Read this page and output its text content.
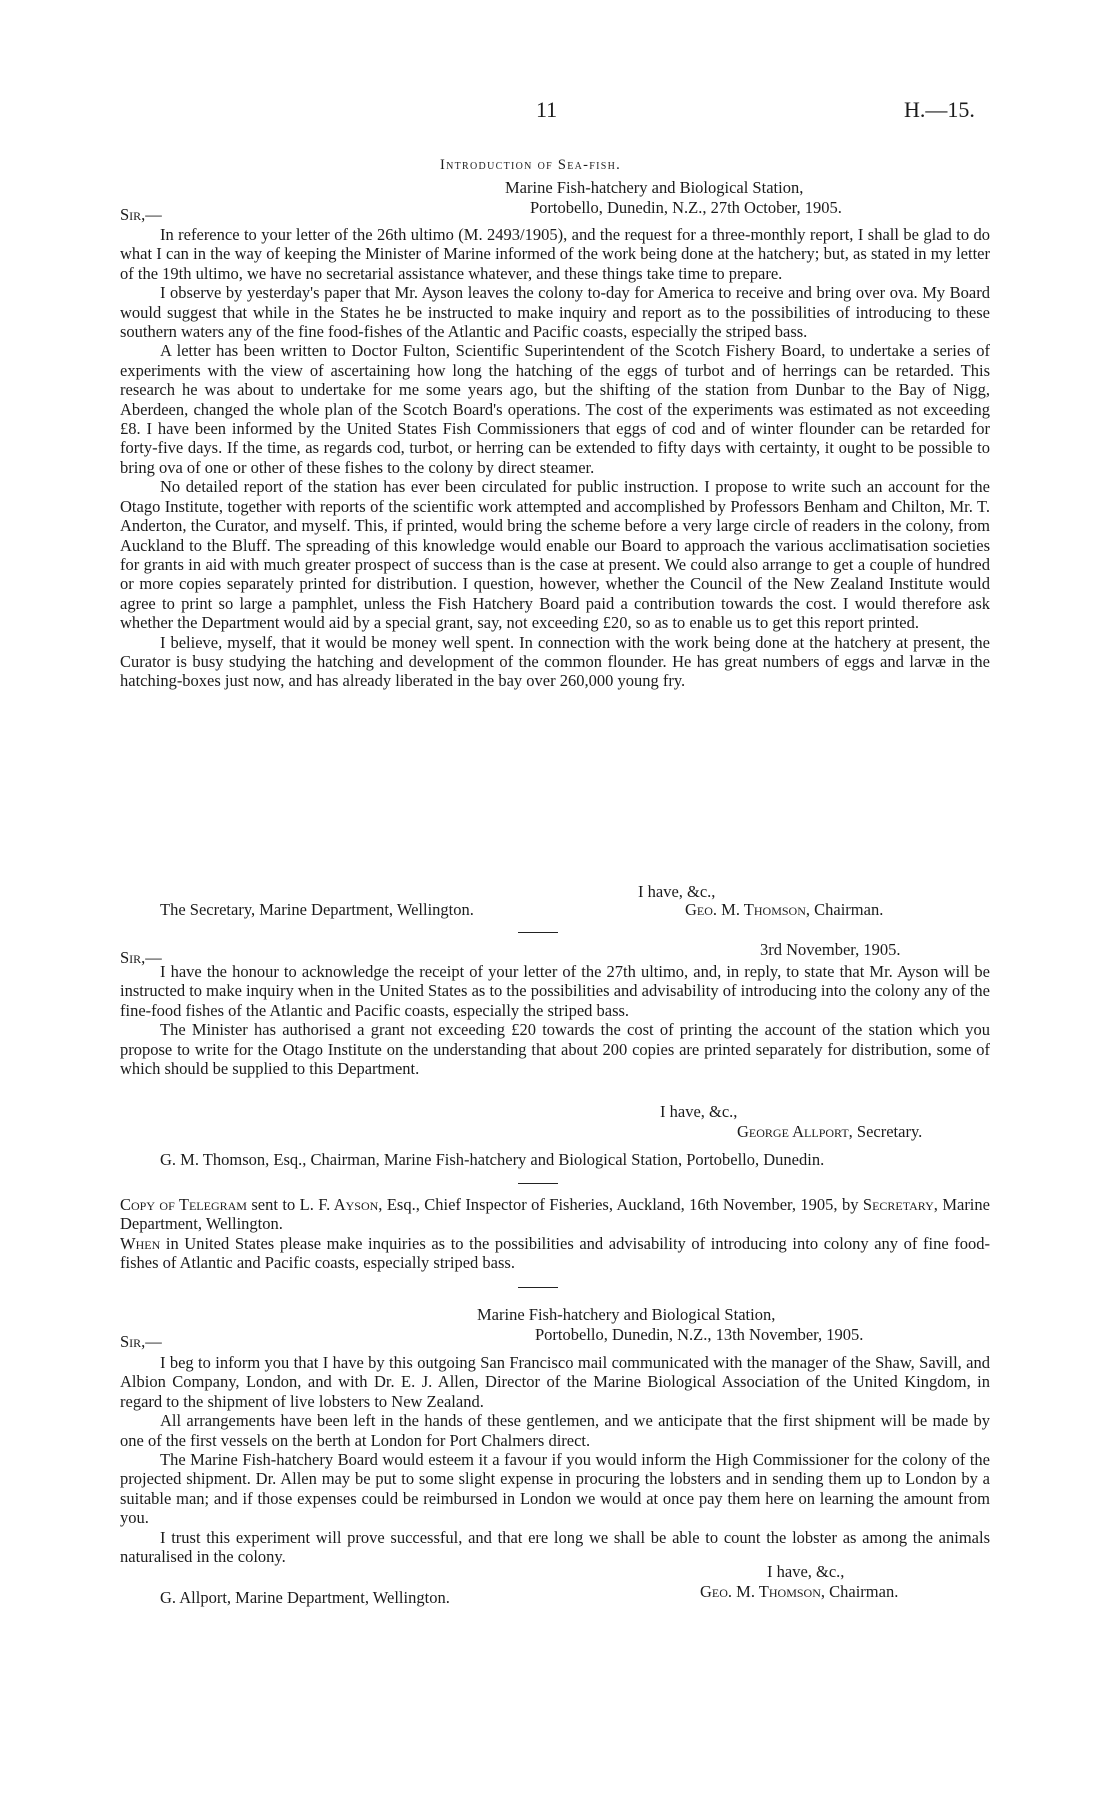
11	H.—15.
Introduction of Sea-fish.
Marine Fish-hatchery and Biological Station,
Sir,—	Portobello, Dunedin, N.Z., 27th October, 1905.

In reference to your letter of the 26th ultimo (M. 2493/1905), and the request for a three-monthly report, I shall be glad to do what I can in the way of keeping the Minister of Marine informed of the work being done at the hatchery; but, as stated in my letter of the 19th ultimo, we have no secretarial assistance whatever, and these things take time to prepare.

I observe by yesterday's paper that Mr. Ayson leaves the colony to-day for America to receive and bring over ova. My Board would suggest that while in the States he be instructed to make inquiry and report as to the possibilities of introducing to these southern waters any of the fine food-fishes of the Atlantic and Pacific coasts, especially the striped bass.

A letter has been written to Doctor Fulton, Scientific Superintendent of the Scotch Fishery Board, to undertake a series of experiments with the view of ascertaining how long the hatching of the eggs of turbot and of herrings can be retarded. This research he was about to undertake for me some years ago, but the shifting of the station from Dunbar to the Bay of Nigg, Aberdeen, changed the whole plan of the Scotch Board's operations. The cost of the experiments was estimated as not exceeding £8. I have been informed by the United States Fish Commissioners that eggs of cod and of winter flounder can be retarded for forty-five days. If the time, as regards cod, turbot, or herring can be extended to fifty days with certainty, it ought to be possible to bring ova of one or other of these fishes to the colony by direct steamer.

No detailed report of the station has ever been circulated for public instruction. I propose to write such an account for the Otago Institute, together with reports of the scientific work attempted and accomplished by Professors Benham and Chilton, Mr. T. Anderton, the Curator, and myself. This, if printed, would bring the scheme before a very large circle of readers in the colony, from Auckland to the Bluff. The spreading of this knowledge would enable our Board to approach the various acclimatisation societies for grants in aid with much greater prospect of success than is the case at present. We could also arrange to get a couple of hundred or more copies separately printed for distribution. I question, however, whether the Council of the New Zealand Institute would agree to print so large a pamphlet, unless the Fish Hatchery Board paid a contribution towards the cost. I would therefore ask whether the Department would aid by a special grant, say, not exceeding £20, so as to enable us to get this report printed.

I believe, myself, that it would be money well spent. In connection with the work being done at the hatchery at present, the Curator is busy studying the hatching and development of the common flounder. He has great numbers of eggs and larvæ in the hatching-boxes just now, and has already liberated in the bay over 260,000 young fry.

I have, &c.,
The Secretary, Marine Department, Wellington.	Geo. M. Thomson, Chairman.
Sir,—	3rd November, 1905.

I have the honour to acknowledge the receipt of your letter of the 27th ultimo, and, in reply, to state that Mr. Ayson will be instructed to make inquiry when in the United States as to the possibilities and advisability of introducing into the colony any of the fine-food fishes of the Atlantic and Pacific coasts, especially the striped bass.

The Minister has authorised a grant not exceeding £20 towards the cost of printing the account of the station which you propose to write for the Otago Institute on the understanding that about 200 copies are printed separately for distribution, some of which should be supplied to this Department.

I have, &c.,
George Allport, Secretary.
G. M. Thomson, Esq., Chairman, Marine Fish-hatchery and Biological Station, Portobello, Dunedin.

Copy of Telegram sent to L. F. Ayson, Esq., Chief Inspector of Fisheries, Auckland, 16th November, 1905, by Secretary, Marine Department, Wellington.

When in United States please make inquiries as to the possibilities and advisability of introducing into colony any of fine food-fishes of Atlantic and Pacific coasts, especially striped bass.

Marine Fish-hatchery and Biological Station,
Sir,—	Portobello, Dunedin, N.Z., 13th November, 1905.

I beg to inform you that I have by this outgoing San Francisco mail communicated with the manager of the Shaw, Savill, and Albion Company, London, and with Dr. E. J. Allen, Director of the Marine Biological Association of the United Kingdom, in regard to the shipment of live lobsters to New Zealand.

All arrangements have been left in the hands of these gentlemen, and we anticipate that the first shipment will be made by one of the first vessels on the berth at London for Port Chalmers direct.

The Marine Fish-hatchery Board would esteem it a favour if you would inform the High Commissioner for the colony of the projected shipment. Dr. Allen may be put to some slight expense in procuring the lobsters and in sending them up to London by a suitable man; and if those expenses could be reimbursed in London we would at once pay them here on learning the amount from you.

I trust this experiment will prove successful, and that ere long we shall be able to count the lobster as among the animals naturalised in the colony.

I have, &c.,
G. Allport, Marine Department, Wellington.	Geo. M. Thomson, Chairman.
